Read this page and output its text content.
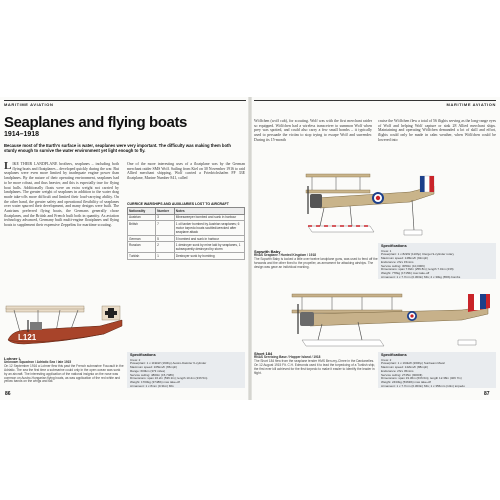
MARITIME AVIATION	MARITIME AVIATION
Seaplanes and flying boats
1914–1918
Because most of the Earth’s surface is water, seaplanes were very important. The difficulty was making them both sturdy enough to survive the water environment yet light enough to fly.
LIKE THEIR LANDPLANE brothers, seaplanes – including both flying boats and floatplanes – developed quickly during the war. But seaplanes were even more limited by inadequate engine power than landplanes. By the nature of their operating environment, seaplanes had to be more robust, and thus heavier, and this is especially true for flying boat hulls. Additionally floats were an extra weight not carried by landplanes. The greater weight of seaplanes in addition to the water drag made take-offs more difficult and limited their load-carrying ability. On the other hand, the greater safety and operational flexibility of seaplanes over water spurred their development, and many designs were built. The Austrians preferred flying boats, the Germans generally chose floatplanes, and the British and French built both in quantity. As aviation technology advanced, Germany built multi-engine floatplanes and flying boats to supplement their expensive Zeppelins for maritime scouting.
One of the more interesting uses of a floatplane was by the German merchant raider SMS Wolf. Sailing from Kiel on 30 November 1916 to raid Allied merchant shipping, Wolf carried a Friedrichshafen FF 33E floatplane, Marine Number 841, called
CURRICE WARSHIPS AND AUXILIARIES LOST TO AIRCRAFT
Nationality	Number	Notes
Austrian	3	Minesweeper bombed and sunk in harbour
British	7	1 oil tanker bombed by Austrian seaplanes; 6 motor torpedo boats scuttled/wrecked after seaplane attack
German	5	5 bombed and sunk in harbour
Russian	2	1 destroyer sunk by mine laid by seaplanes, 1 subsequently destroyed by storm
Turkish	1	Destroyer sunk by bombing
L121
Lohner L
Unknown Squadron / Adriatic Sea / late 1915
On 12 September 1916 a Lohner flew this past the French submarine Foucault in the Adriatic. The sea the first time a submarine could only in the open ocean was sunk by an aircraft. The interesting application of the national insignia on the nose was common on Austro-Hungarian flying boats, as was application of the red white and yellow bands on the wings and tail.
Specifications
Crew: 2
Powerplant: 1 x 119kW (160hp) Austro-Daimler 6-cylinder
Maximum speed: 105km/h (65mph)
Range: 600km (373 miles)
Service ceiling: 4800m (15,748ft)
Dimensions: span 16.2m (53ft 2in); length 10.2m (33ft 5in)
Weight: 1700kg (3748lb) max take-off
Armament: 1 x 8mm (0.31in) MG
Wölfchen (wolf cub), for scouting. Wolf was with the first merchant raider so equipped. Wölfchen had a wireless transceiver to summon Wolf when prey was spotted, and could also carry a few small bombs – it typically used to persuade the victim to stop trying to escape Wolf and surrender. During its 15-month
cruise the Wölfchen flew a total of 56 flights serving as the long-range eyes of Wolf and helping Wolf capture or sink 28 Allied merchant ships. Maintaining and operating Wölfchen demanded a lot of skill and effort, flights could only be made in calm weather, when Wölfchen could be lowered into
Sopwith Baby
RNAS Seaplane / Hunted Kingdom / 1918
The Sopwith Baby is looked a little over twelve landplane guns, was used to fend off the forwards and the other fixed to the propeller, as armament for attacking airships. The design was gave an individual marking.
Specifications
Crew: 1
Powerplant: 1 x 82kW (110hp) Clerget 9-cylinder rotary
Maximum speed: 148km/h (92mph)
Endurance: 2hrs 15mins
Service ceiling: 3050m (10,000ft)
Dimensions: span 7.82m (25ft 8in); length 7.01m (23ft)
Weight: 778kg (1715lb) max take-off
Armament: 1 x 7.7mm (0.303in) MG; 2 x 30kg (65lb) bombs
Short 184
RNAS Servicing Base / Hopper Island / 1918
The Short 184 flew from the seaplane tender HMS Ben-my-Chree in the Dardanelles. On 12 August 1915 Flt. C.H. Edmonds used it to lead the torpedoing of a Turkish ship, the first ever kill achieved for the first torpedo to make it easier to identify the leader in flight.
Specifications
Crew: 2
Powerplant: 1 x 194kW (260hp) Sunbeam Maori
Maximum speed: 142km/h (88mph)
Endurance: 2hrs 45mins
Service ceiling: 2745m (9000ft)
Dimensions: span 19.36m (63ft 6in); length 12.38m (40ft 7in)
Weight: 2433kg (5363lb) max take-off
Armament: 1 x 7.7mm (0.303in) MG; 1 x 356mm (14in) torpedo
86	87
